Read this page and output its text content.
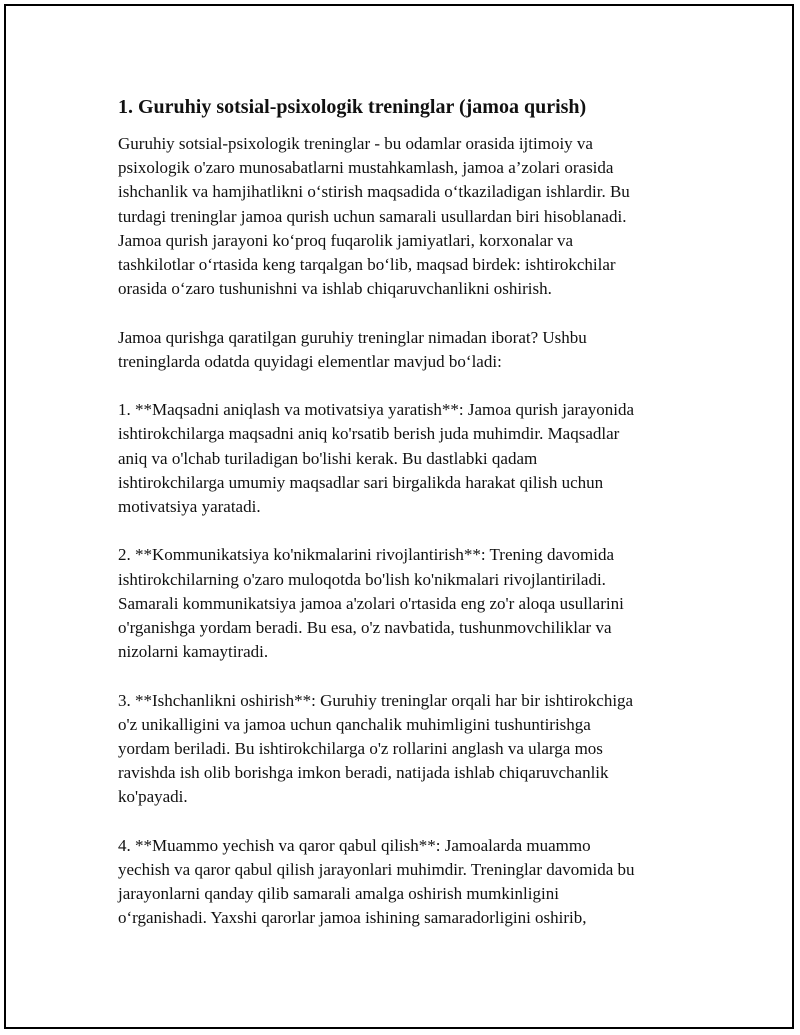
1. Guruhiy sotsial-psixologik treninglar (jamoa qurish)
Guruhiy sotsial-psixologik treninglar - bu odamlar orasida ijtimoiy va
psixologik o'zaro munosabatlarni mustahkamlash, jamoa a’zolari orasida
ishchanlik va hamjihatlikni oʻstirish maqsadida oʻtkaziladigan ishlardir. Bu
turdagi treninglar jamoa qurish uchun samarali usullardan biri hisoblanadi.
Jamoa qurish jarayoni koʻproq fuqarolik jamiyatlari, korxonalar va
tashkilotlar oʻrtasida keng tarqalgan boʻlib, maqsad birdek: ishtirokchilar
orasida oʻzaro tushunishni va ishlab chiqaruvchanlikni oshirish.
Jamoa qurishga qaratilgan guruhiy treninglar nimadan iborat? Ushbu
treninglarda odatda quyidagi elementlar mavjud boʻladi:
1. **Maqsadni aniqlash va motivatsiya yaratish**: Jamoa qurish jarayonida
ishtirokchilarga maqsadni aniq ko'rsatib berish juda muhimdir. Maqsadlar
aniq va o'lchab turiladigan bo'lishi kerak. Bu dastlabki qadam
ishtirokchilarga umumiy maqsadlar sari birgalikda harakat qilish uchun
motivatsiya yaratadi.
2. **Kommunikatsiya ko'nikmalarini rivojlantirish**: Trening davomida
ishtirokchilarning o'zaro muloqotda bo'lish ko'nikmalari rivojlantiriladi.
Samarali kommunikatsiya jamoa a'zolari o'rtasida eng zo'r aloqa usullarini
o'rganishga yordam beradi. Bu esa, o'z navbatida, tushunmovchiliklar va
nizolarni kamaytiradi.
3. **Ishchanlikni oshirish**: Guruhiy treninglar orqali har bir ishtirokchiga
o'z unikalligini va jamoa uchun qanchalik muhimligini tushuntirishga
yordam beriladi. Bu ishtirokchilarga o'z rollarini anglash va ularga mos
ravishda ish olib borishga imkon beradi, natijada ishlab chiqaruvchanlik
ko'payadi.
4. **Muammo yechish va qaror qabul qilish**: Jamoalarda muammo
yechish va qaror qabul qilish jarayonlari muhimdir. Treninglar davomida bu
jarayonlarni qanday qilib samarali amalga oshirish mumkinligini
oʻrganishadi. Yaxshi qarorlar jamoa ishining samaradorligini oshirib,
